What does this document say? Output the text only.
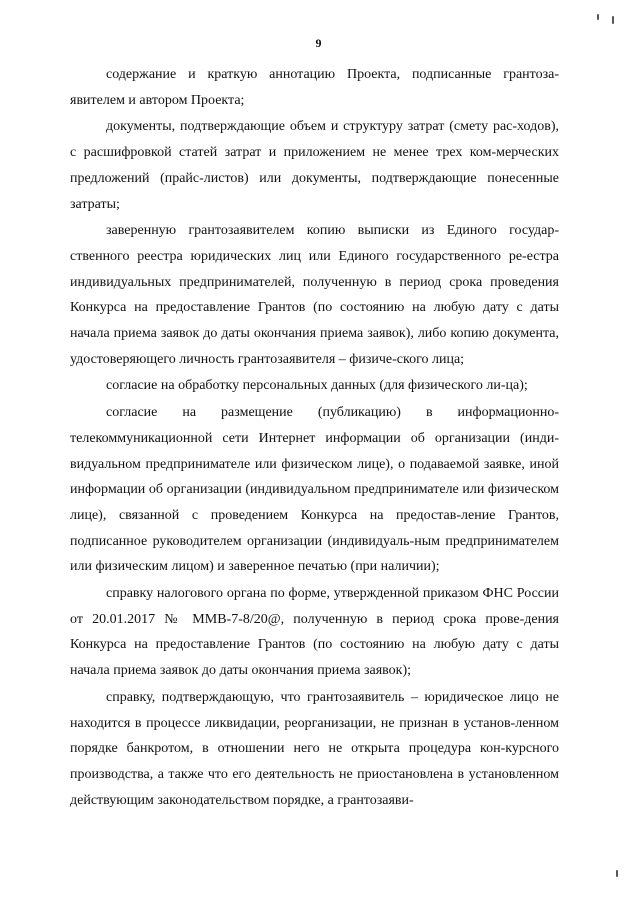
9

содержание и краткую аннотацию Проекта, подписанные грантоза-явителем и автором Проекта;

документы, подтверждающие объем и структуру затрат (смету рас-ходов), с расшифровкой статей затрат и приложением не менее трех ком-мерческих предложений (прайс-листов) или документы, подтверждающие понесенные затраты;

заверенную грантозаявителем копию выписки из Единого государ-ственного реестра юридических лиц или Единого государственного ре-естра индивидуальных предпринимателей, полученную в период срока проведения Конкурса на предоставление Грантов (по состоянию на любую дату с даты начала приема заявок до даты окончания приема заявок), либо копию документа, удостоверяющего личность грантозаявителя – физиче-ского лица;

согласие на обработку персональных данных (для физического ли-ца);

согласие на размещение (публикацию) в информационно-телекоммуникационной сети Интернет информации об организации (инди-видуальном предпринимателе или физическом лице), о подаваемой заявке, иной информации об организации (индивидуальном предпринимателе или физическом лице), связанной с проведением Конкурса на предостав-ление Грантов, подписанное руководителем организации (индивидуаль-ным предпринимателем или физическим лицом) и заверенное печатью (при наличии);

справку налогового органа по форме, утвержденной приказом ФНС России от 20.01.2017 № ММВ-7-8/20@, полученную в период срока прове-дения Конкурса на предоставление Грантов (по состоянию на любую дату с даты начала приема заявок до даты окончания приема заявок);

справку, подтверждающую, что грантозаявитель – юридическое лицо не находится в процессе ликвидации, реорганизации, не признан в установ-ленном порядке банкротом, в отношении него не открыта процедура кон-курсного производства, а также что его деятельность не приостановлена в установленном действующим законодательством порядке, а грантозаяви-
